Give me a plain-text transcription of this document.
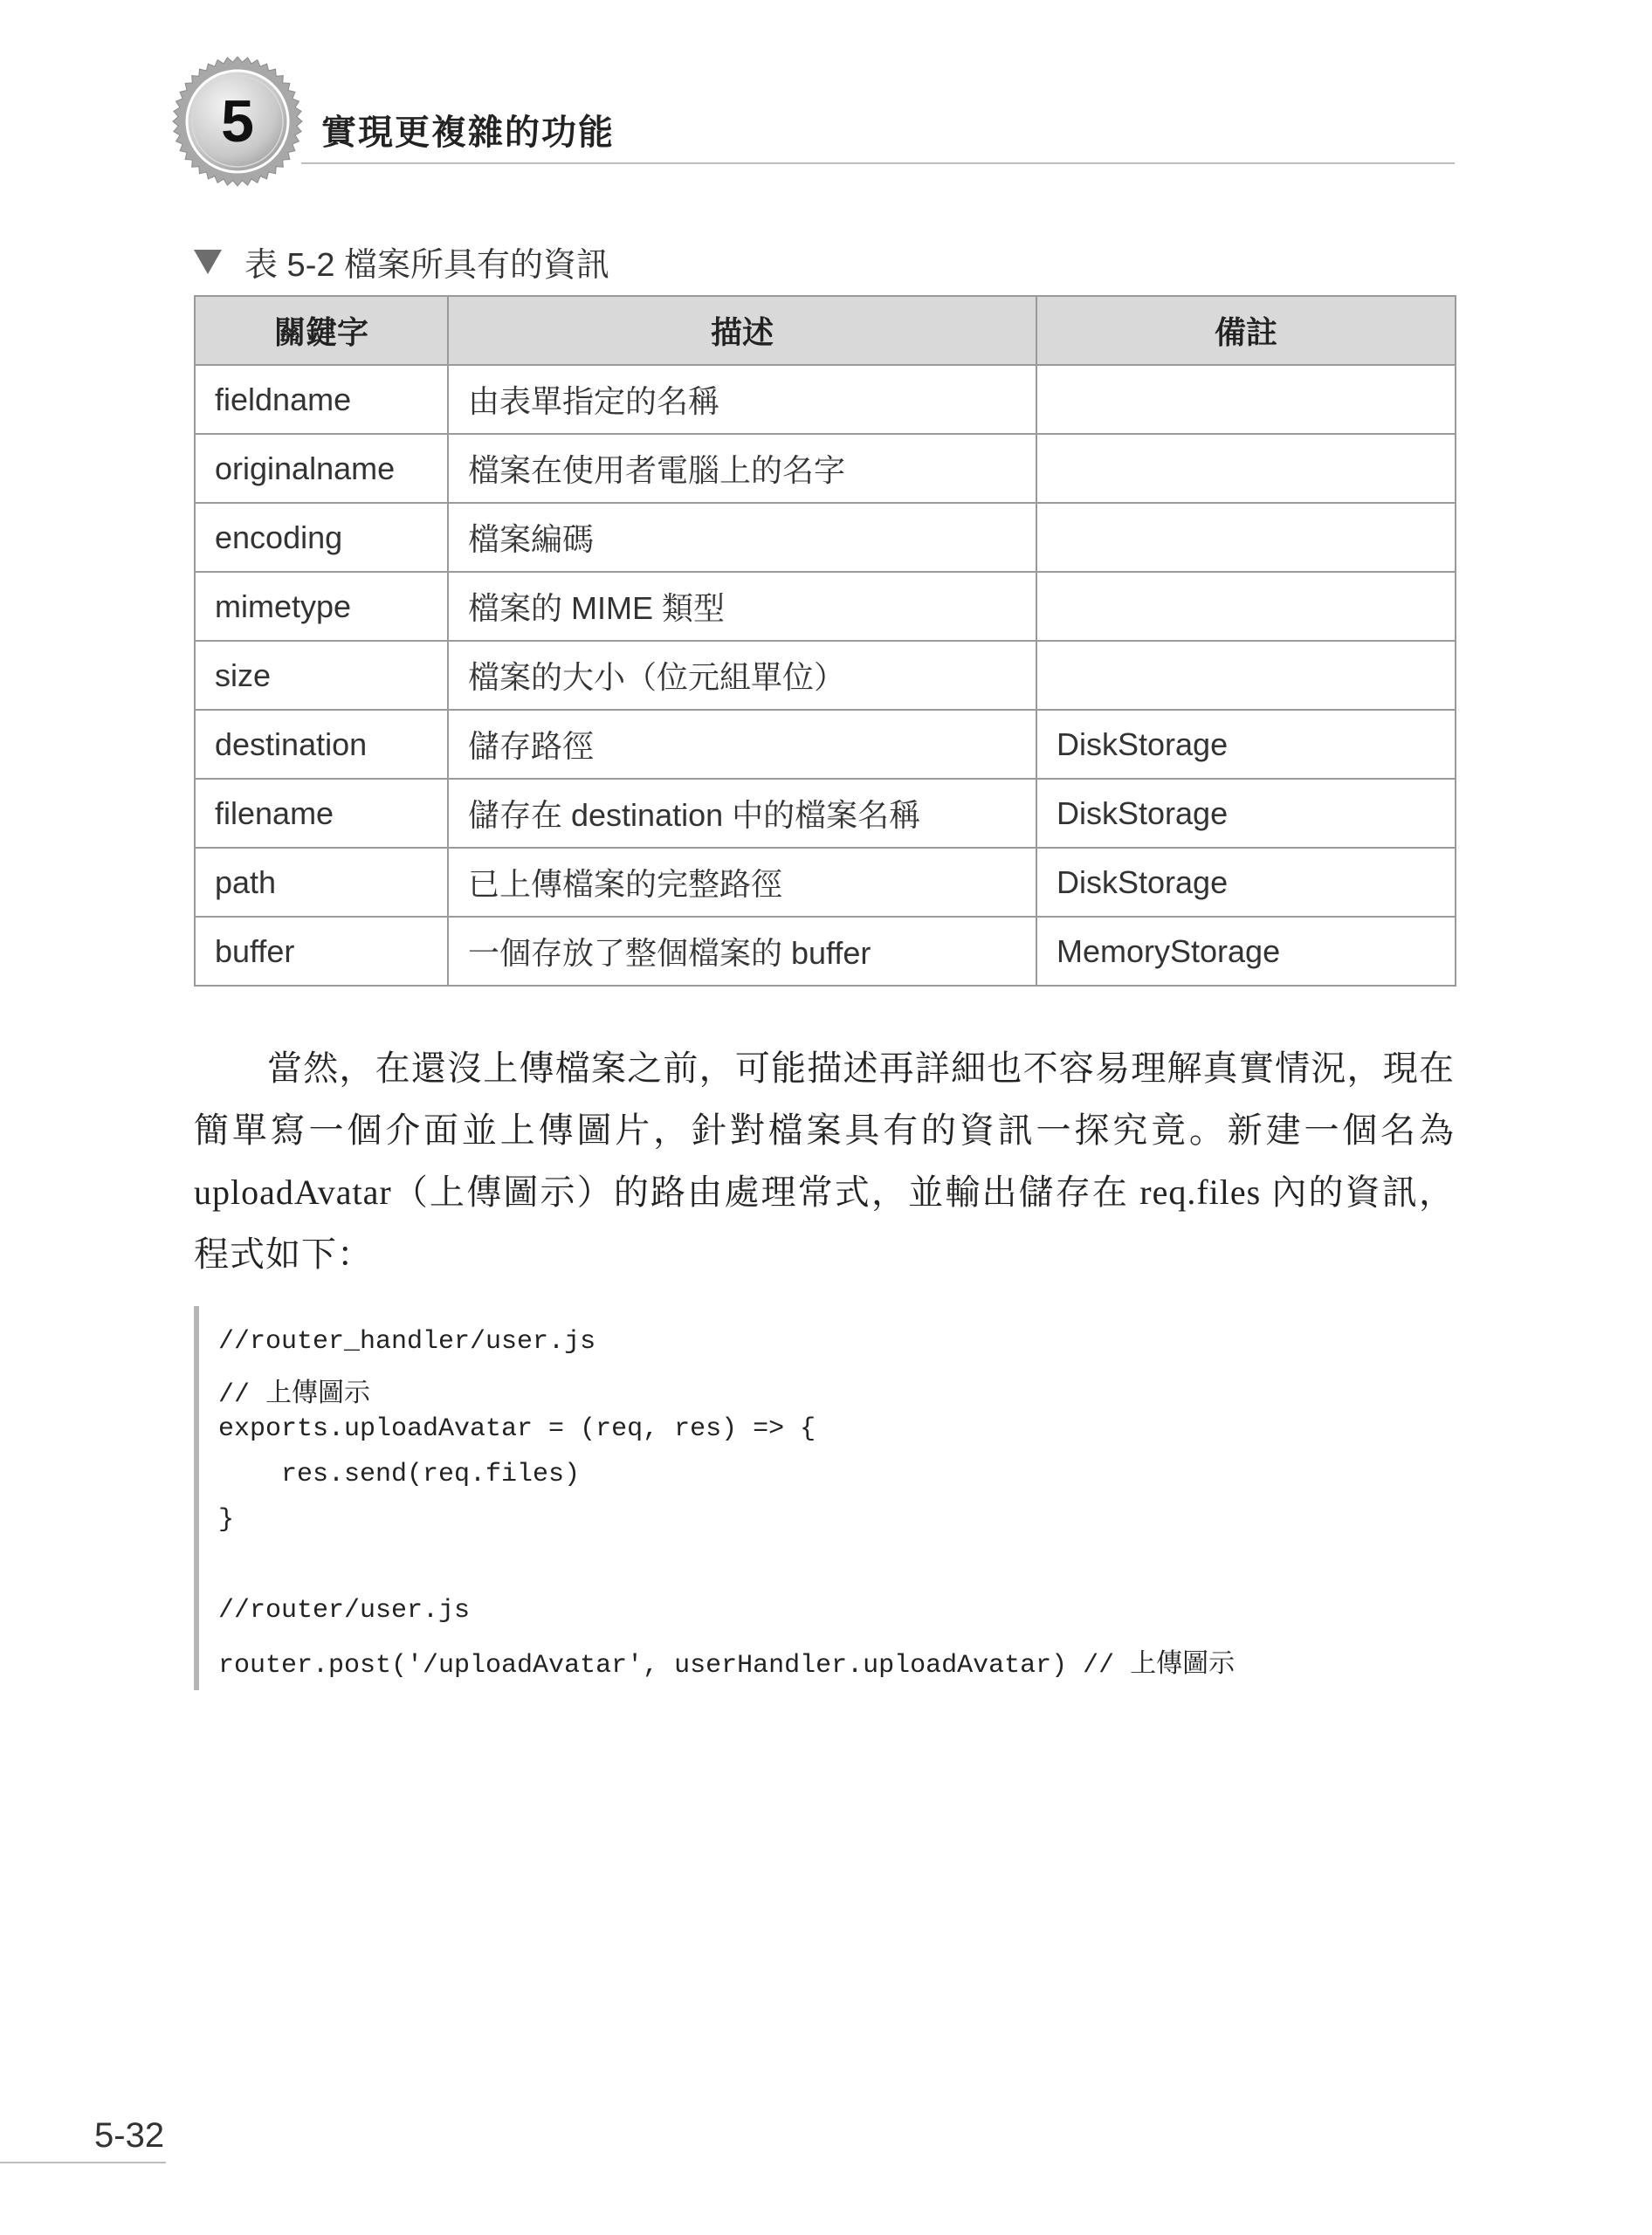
5 實現更複雜的功能
表 5-2 檔案所具有的資訊
關鍵字	描述	備註
fieldname	由表單指定的名稱	
originalname	檔案在使用者電腦上的名字	
encoding	檔案編碼	
mimetype	檔案的 MIME 類型	
size	檔案的大小（位元組單位）	
destination	儲存路徑	DiskStorage
filename	儲存在 destination 中的檔案名稱	DiskStorage
path	已上傳檔案的完整路徑	DiskStorage
buffer	一個存放了整個檔案的 buffer	MemoryStorage
當然，在還沒上傳檔案之前，可能描述再詳細也不容易理解真實情況，現在簡單寫一個介面並上傳圖片，針對檔案具有的資訊一探究竟。新建一個名為 uploadAvatar（上傳圖示）的路由處理常式，並輸出儲存在 req.files 內的資訊，程式如下：
//router_handler/user.js
// 上傳圖示
exports.uploadAvatar = (req, res) => {
res.send(req.files)
}
//router/user.js
router.post('/uploadAvatar', userHandler.uploadAvatar) // 上傳圖示
5-32
